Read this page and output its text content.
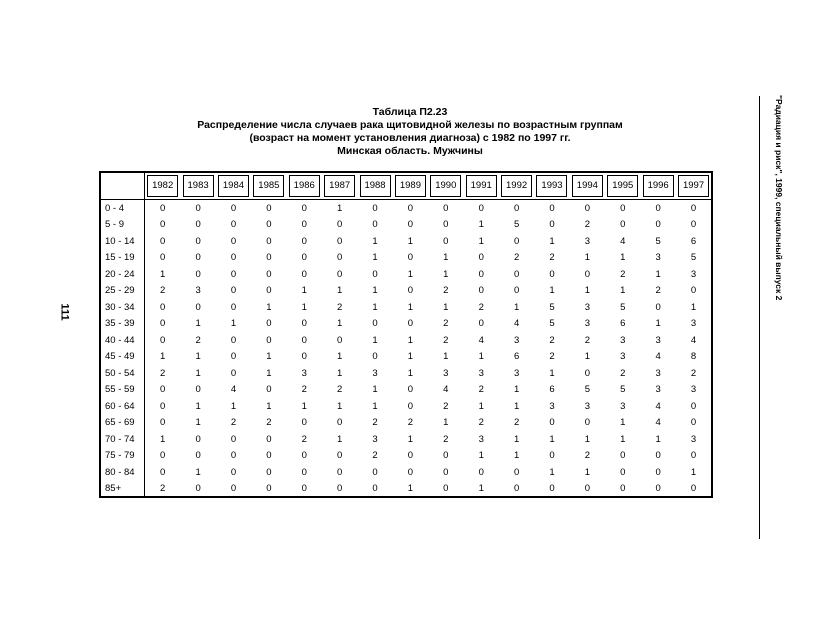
Таблица П2.23
Распределение числа случаев рака щитовидной железы по возрастным группам
(возраст на момент установления диагноза) с 1982 по 1997 гг.
Минская область. Мужчины
	1982	1983	1984	1985	1986	1987	1988	1989	1990	1991	1992	1993	1994	1995	1996	1997
0 - 4	0	0	0	0	0	1	0	0	0	0	0	0	0	0	0	0
5 - 9	0	0	0	0	0	0	0	0	0	1	5	0	2	0	0	0
10 - 14	0	0	0	0	0	0	1	1	0	1	0	1	3	4	5	6
15 - 19	0	0	0	0	0	0	1	0	1	0	2	2	1	1	3	5
20 - 24	1	0	0	0	0	0	0	1	1	0	0	0	0	2	1	3
25 - 29	2	3	0	0	1	1	1	0	2	0	0	1	1	1	2	0
30 - 34	0	0	0	1	1	2	1	1	1	2	1	5	3	5	0	1
35 - 39	0	1	1	0	0	1	0	0	2	0	4	5	3	6	1	3
40 - 44	0	2	0	0	0	0	1	1	2	4	3	2	2	3	3	4
45 - 49	1	1	0	1	0	1	0	1	1	1	6	2	1	3	4	8
50 - 54	2	1	0	1	3	1	3	1	3	3	3	1	0	2	3	2
55 - 59	0	0	4	0	2	2	1	0	4	2	1	6	5	5	3	3
60 - 64	0	1	1	1	1	1	1	0	2	1	1	3	3	3	4	0
65 - 69	0	1	2	2	0	0	2	2	1	2	2	0	0	1	4	0
70 - 74	1	0	0	0	2	1	3	1	2	3	1	1	1	1	1	3
75 - 79	0	0	0	0	0	0	2	0	0	1	1	0	2	0	0	0
80 - 84	0	1	0	0	0	0	0	0	0	0	0	1	1	0	0	1
85+	2	0	0	0	0	0	0	1	0	1	0	0	0	0	0	0
111
"Радиация и риск", 1999, специальный выпуск 2
